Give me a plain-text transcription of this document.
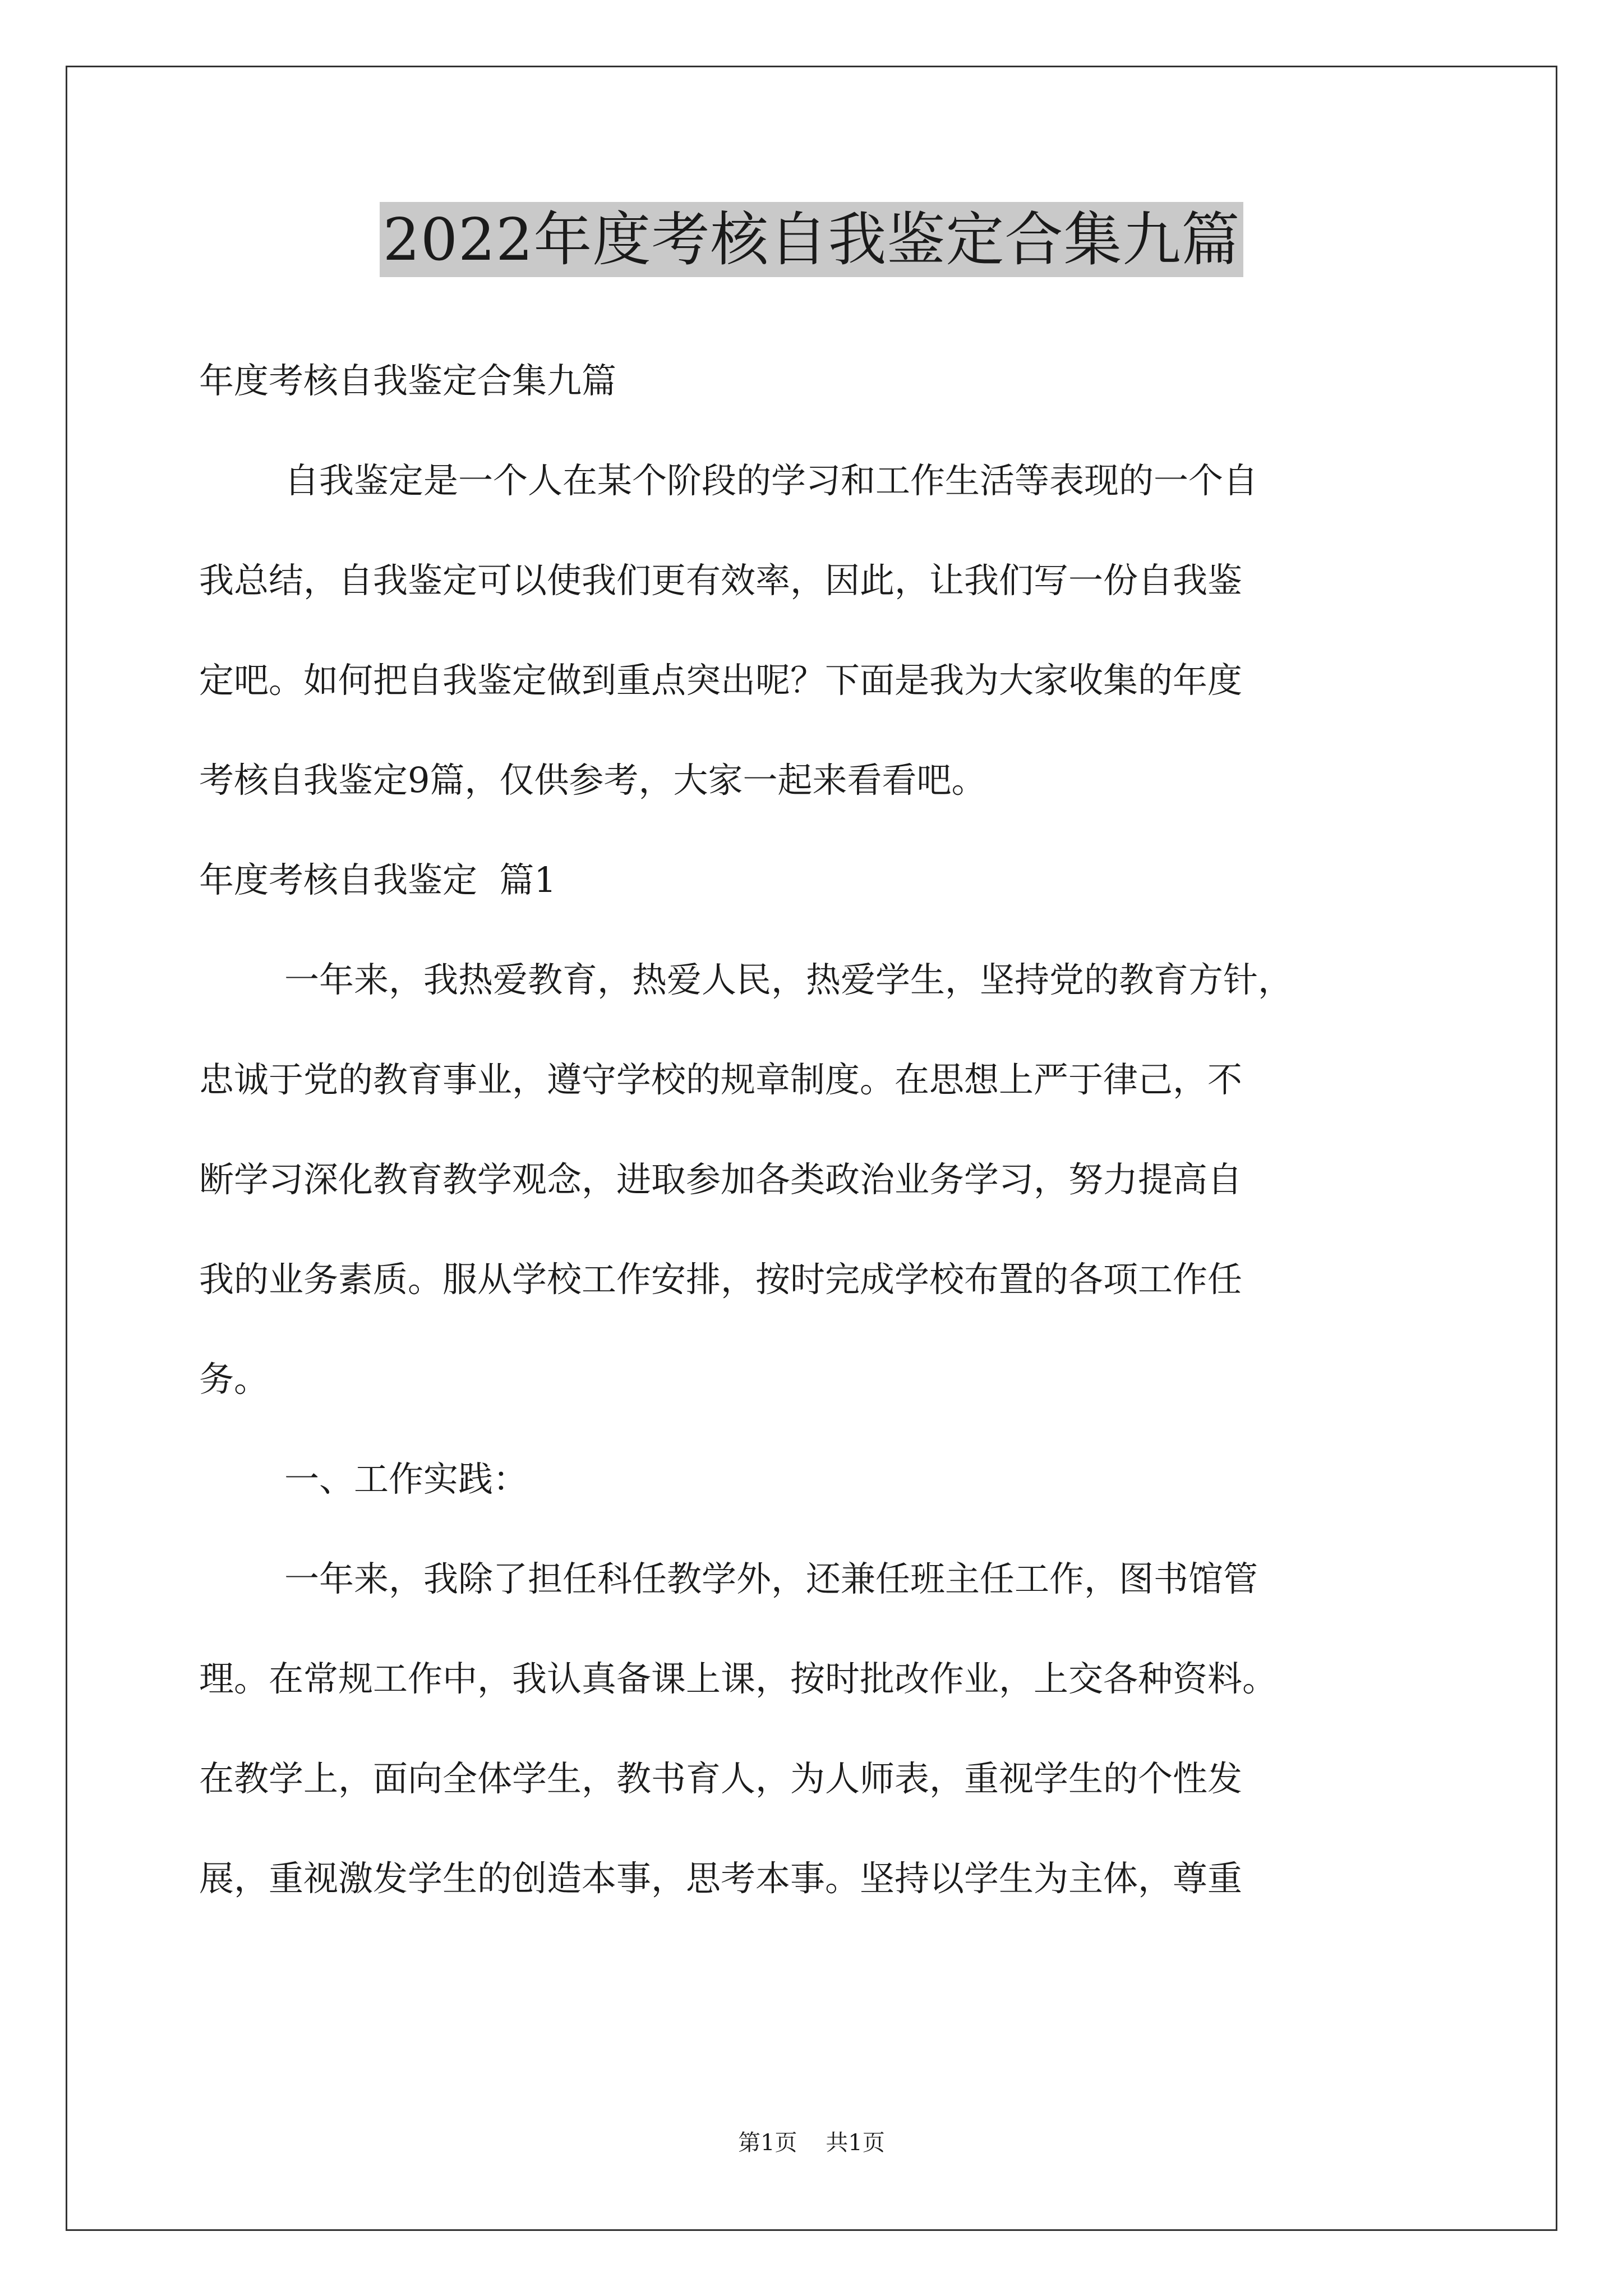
2022年度考核自我鉴定合集九篇
年度考核自我鉴定合集九篇
自我鉴定是一个人在某个阶段的学习和工作生活等表现的一个自
我总结，自我鉴定可以使我们更有效率，因此，让我们写一份自我鉴
定吧。如何把自我鉴定做到重点突出呢？下面是我为大家收集的年度
考核自我鉴定9篇，仅供参考，大家一起来看看吧。
年度考核自我鉴定  篇1
一年来，我热爱教育，热爱人民，热爱学生，坚持党的教育方针，
忠诚于党的教育事业，遵守学校的规章制度。在思想上严于律己，不
断学习深化教育教学观念，进取参加各类政治业务学习，努力提高自
我的业务素质。服从学校工作安排，按时完成学校布置的各项工作任
务。
一、工作实践：
一年来，我除了担任科任教学外，还兼任班主任工作，图书馆管
理。在常规工作中，我认真备课上课，按时批改作业，上交各种资料。
在教学上，面向全体学生，教书育人，为人师表，重视学生的个性发
展，重视激发学生的创造本事，思考本事。坚持以学生为主体，尊重
第1页    共1页
